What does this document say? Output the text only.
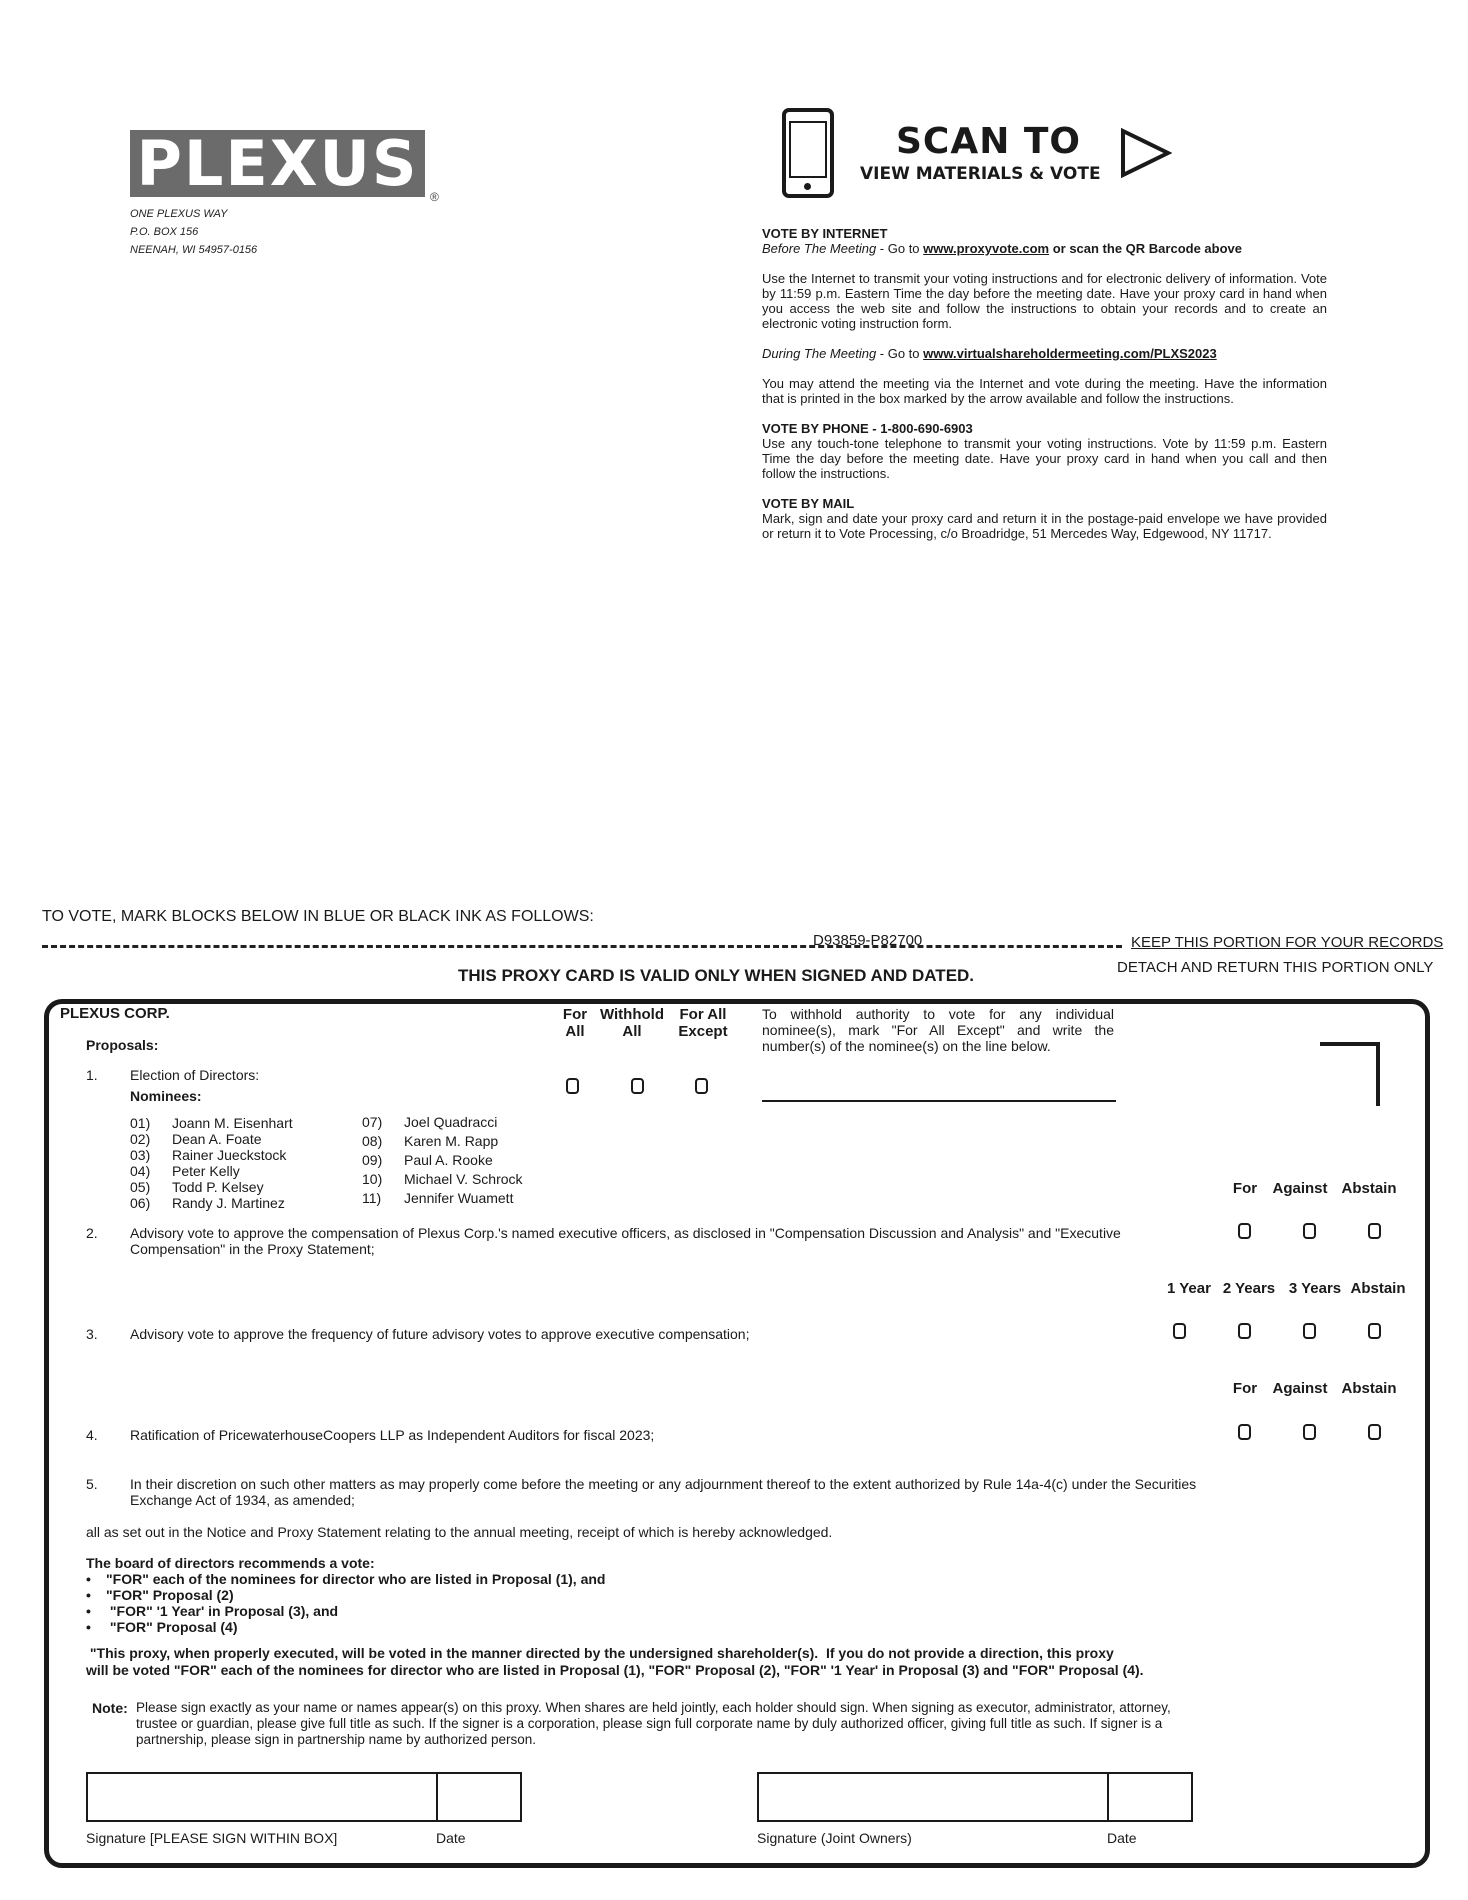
PLEXUS ®
ONE PLEXUS WAY
P.O. BOX 156
NEENAH, WI 54957-0156
SCAN TO
VIEW MATERIALS & VOTE
VOTE BY INTERNET
Before The Meeting - Go to www.proxyvote.com or scan the QR Barcode above
Use the Internet to transmit your voting instructions and for electronic delivery of information. Vote by 11:59 p.m. Eastern Time the day before the meeting date. Have your proxy card in hand when you access the web site and follow the instructions to obtain your records and to create an electronic voting instruction form.
During The Meeting - Go to www.virtualshareholdermeeting.com/PLXS2023
You may attend the meeting via the Internet and vote during the meeting. Have the information that is printed in the box marked by the arrow available and follow the instructions.
VOTE BY PHONE - 1-800-690-6903
Use any touch-tone telephone to transmit your voting instructions. Vote by 11:59 p.m. Eastern Time the day before the meeting date. Have your proxy card in hand when you call and then follow the instructions.
VOTE BY MAIL
Mark, sign and date your proxy card and return it in the postage-paid envelope we have provided or return it to Vote Processing, c/o Broadridge, 51 Mercedes Way, Edgewood, NY 11717.
TO VOTE, MARK BLOCKS BELOW IN BLUE OR BLACK INK AS FOLLOWS:
D93859-P82700	KEEP THIS PORTION FOR YOUR RECORDS
DETACH AND RETURN THIS PORTION ONLY
THIS PROXY CARD IS VALID ONLY WHEN SIGNED AND DATED.
PLEXUS CORP.
Proposals:
For
All
Withhold
All
For All
Except
To withhold authority to vote for any individual nominee(s), mark "For All Except" and write the number(s) of the nominee(s) on the line below.
1. Election of Directors:
Nominees:
01) Joann M. Eisenhart
02) Dean A. Foate
03) Rainer Jueckstock
04) Peter Kelly
05) Todd P. Kelsey
06) Randy J. Martinez
07) Joel Quadracci
08) Karen M. Rapp
09) Paul A. Rooke
10) Michael V. Schrock
11) Jennifer Wuamett
For	Against Abstain
2. Advisory vote to approve the compensation of Plexus Corp.'s named executive officers, as disclosed in "Compensation Discussion and Analysis" and "Executive Compensation" in the Proxy Statement;
1 Year 2 Years 3 Years Abstain
3. Advisory vote to approve the frequency of future advisory votes to approve executive compensation;
For	Against Abstain
4. Ratification of PricewaterhouseCoopers LLP as Independent Auditors for fiscal 2023;
5. In their discretion on such other matters as may properly come before the meeting or any adjournment thereof to the extent authorized by Rule 14a-4(c) under the Securities Exchange Act of 1934, as amended;
all as set out in the Notice and Proxy Statement relating to the annual meeting, receipt of which is hereby acknowledged.
The board of directors recommends a vote:
• "FOR" each of the nominees for director who are listed in Proposal (1), and
• "FOR" Proposal (2)
• "FOR" '1 Year' in Proposal (3), and
• "FOR" Proposal (4)
"This proxy, when properly executed, will be voted in the manner directed by the undersigned shareholder(s).  If you do not provide a direction, this proxy
will be voted "FOR" each of the nominees for director who are listed in Proposal (1), "FOR" Proposal (2), "FOR" '1 Year' in Proposal (3) and "FOR" Proposal (4).
Note: Please sign exactly as your name or names appear(s) on this proxy. When shares are held jointly, each holder should sign. When signing as executor, administrator, attorney, trustee or guardian, please give full title as such. If the signer is a corporation, please sign full corporate name by duly authorized officer, giving full title as such. If signer is a partnership, please sign in partnership name by authorized person.
Signature [PLEASE SIGN WITHIN BOX]	Date	Signature (Joint Owners)	Date
